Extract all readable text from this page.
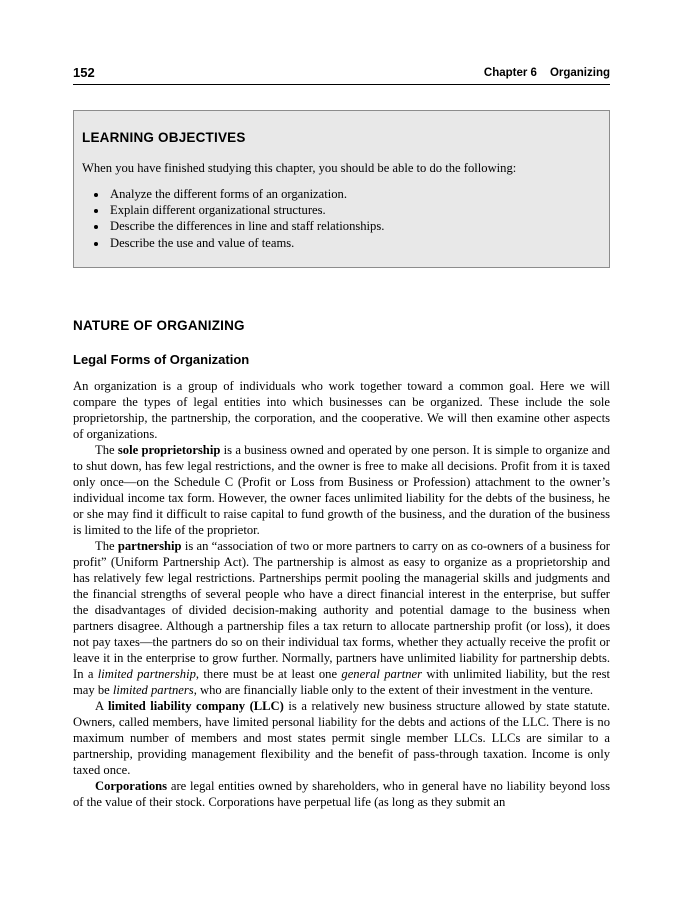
152	Chapter 6 Organizing
LEARNING OBJECTIVES

When you have finished studying this chapter, you should be able to do the following:

• Analyze the different forms of an organization.
• Explain different organizational structures.
• Describe the differences in line and staff relationships.
• Describe the use and value of teams.
NATURE OF ORGANIZING
Legal Forms of Organization

An organization is a group of individuals who work together toward a common goal. Here we will compare the types of legal entities into which businesses can be organized. These include the sole proprietorship, the partnership, the corporation, and the cooperative. We will then examine other aspects of organizations.

The sole proprietorship is a business owned and operated by one person. It is simple to organize and to shut down, has few legal restrictions, and the owner is free to make all decisions. Profit from it is taxed only once—on the Schedule C (Profit or Loss from Business or Profession) attachment to the owner’s individual income tax form. However, the owner faces unlimited liability for the debts of the business, he or she may find it difficult to raise capital to fund growth of the business, and the duration of the business is limited to the life of the proprietor.

The partnership is an “association of two or more partners to carry on as co-owners of a business for profit” (Uniform Partnership Act). The partnership is almost as easy to organize as a proprietorship and has relatively few legal restrictions. Partnerships permit pooling the managerial skills and judgments and the financial strengths of several people who have a direct financial interest in the enterprise, but suffer the disadvantages of divided decision-making authority and potential damage to the business when partners disagree. Although a partnership files a tax return to allocate partnership profit (or loss), it does not pay taxes—the partners do so on their individual tax forms, whether they actually receive the profit or leave it in the enterprise to grow further. Normally, partners have unlimited liability for partnership debts. In a limited partnership, there must be at least one general partner with unlimited liability, but the rest may be limited partners, who are financially liable only to the extent of their investment in the venture.

A limited liability company (LLC) is a relatively new business structure allowed by state statute. Owners, called members, have limited personal liability for the debts and actions of the LLC. There is no maximum number of members and most states permit single member LLCs. LLCs are similar to a partnership, providing management flexibility and the benefit of pass-through taxation. Income is only taxed once.

Corporations are legal entities owned by shareholders, who in general have no liability beyond loss of the value of their stock. Corporations have perpetual life (as long as they submit an
